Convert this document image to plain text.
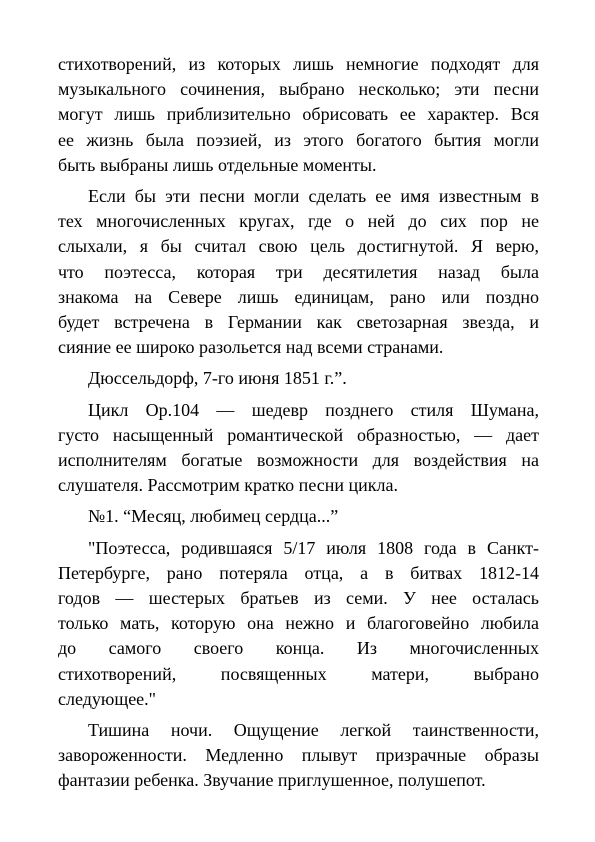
стихотворений, из которых лишь немногие подходят для
музыкального сочинения, выбрано несколько; эти песни
могут лишь приблизительно обрисовать ее характер. Вся
ее жизнь была поэзией, из этого богатого бытия могли
быть выбраны лишь отдельные моменты.
Если бы эти песни могли сделать ее имя известным в
тех многочисленных кругах, где о ней до сих пор не
слыхали, я бы считал свою цель достигнутой. Я верю,
что поэтесса, которая три десятилетия назад была
знакома на Севере лишь единицам, рано или поздно
будет встречена в Германии как светозарная звезда, и
сияние ее широко разольется над всеми странами.
Дюссельдорф, 7-го июня 1851 г.”.
Цикл Op.104 — шедевр позднего стиля Шумана,
густо насыщенный романтической образностью, — дает
исполнителям богатые возможности для воздействия на
слушателя. Рассмотрим кратко песни цикла.
№1. “Месяц, любимец сердца...”
"Поэтесса, родившаяся 5/17 июля 1808 года в Санкт-
Петербурге, рано потеряла отца, а в битвах 1812-14
годов — шестерых братьев из семи. У нее осталась
только мать, которую она нежно и благоговейно любила
до самого своего конца. Из многочисленных
стихотворений, посвященных матери, выбрано
следующее."
Тишина ночи. Ощущение легкой таинственности,
завороженности. Медленно плывут призрачные образы
фантазии ребенка. Звучание приглушенное, полушепот.
